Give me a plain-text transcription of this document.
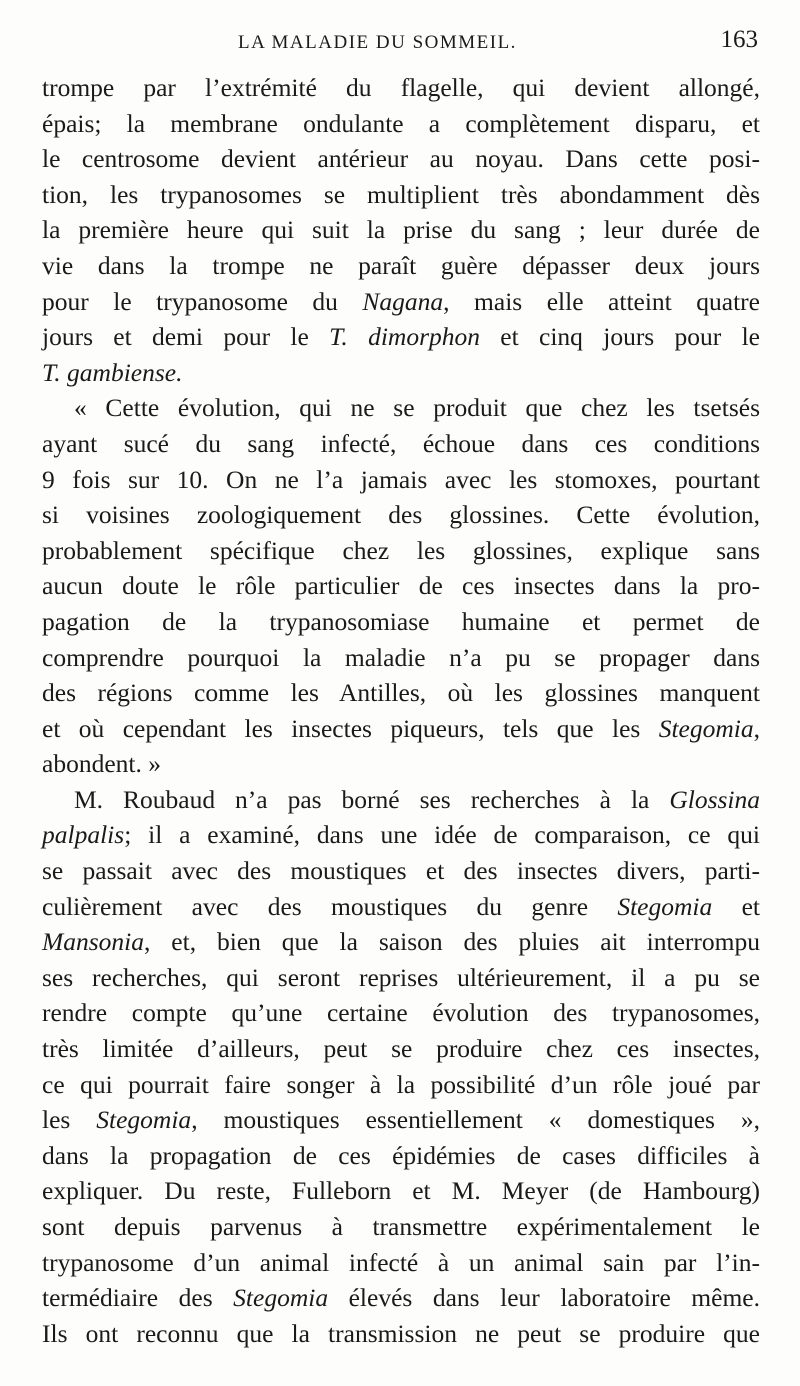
LA MALADIE DU SOMMEIL.	163
trompe par l’extrémité du flagelle, qui devient allongé,
épais; la membrane ondulante a complètement disparu, et
le centrosome devient antérieur au noyau. Dans cette posi-
tion, les trypanosomes se multiplient très abondamment dès
la première heure qui suit la prise du sang ; leur durée de
vie dans la trompe ne paraît guère dépasser deux jours
pour le trypanosome du Nagana, mais elle atteint quatre
jours et demi pour le T. dimorphon et cinq jours pour le
T. gambiense.
« Cette évolution, qui ne se produit que chez les tsetsés
ayant sucé du sang infecté, échoue dans ces conditions
9 fois sur 10. On ne l’a jamais avec les stomoxes, pourtant
si voisines zoologiquement des glossines. Cette évolution,
probablement spécifique chez les glossines, explique sans
aucun doute le rôle particulier de ces insectes dans la pro-
pagation de la trypanosomiase humaine et permet de
comprendre pourquoi la maladie n’a pu se propager dans
des régions comme les Antilles, où les glossines manquent
et où cependant les insectes piqueurs, tels que les Stegomia,
abondent. »
M. Roubaud n’a pas borné ses recherches à la Glossina
palpalis; il a examiné, dans une idée de comparaison, ce qui
se passait avec des moustiques et des insectes divers, parti-
culièrement avec des moustiques du genre Stegomia et
Mansonia, et, bien que la saison des pluies ait interrompu
ses recherches, qui seront reprises ultérieurement, il a pu se
rendre compte qu’une certaine évolution des trypanosomes,
très limitée d’ailleurs, peut se produire chez ces insectes,
ce qui pourrait faire songer à la possibilité d’un rôle joué par
les Stegomia, moustiques essentiellement « domestiques »,
dans la propagation de ces épidémies de cases difficiles à
expliquer. Du reste, Fulleborn et M. Meyer (de Hambourg)
sont depuis parvenus à transmettre expérimentalement le
trypanosome d’un animal infecté à un animal sain par l’in-
termédiaire des Stegomia élevés dans leur laboratoire même.
Ils ont reconnu que la transmission ne peut se produire que
